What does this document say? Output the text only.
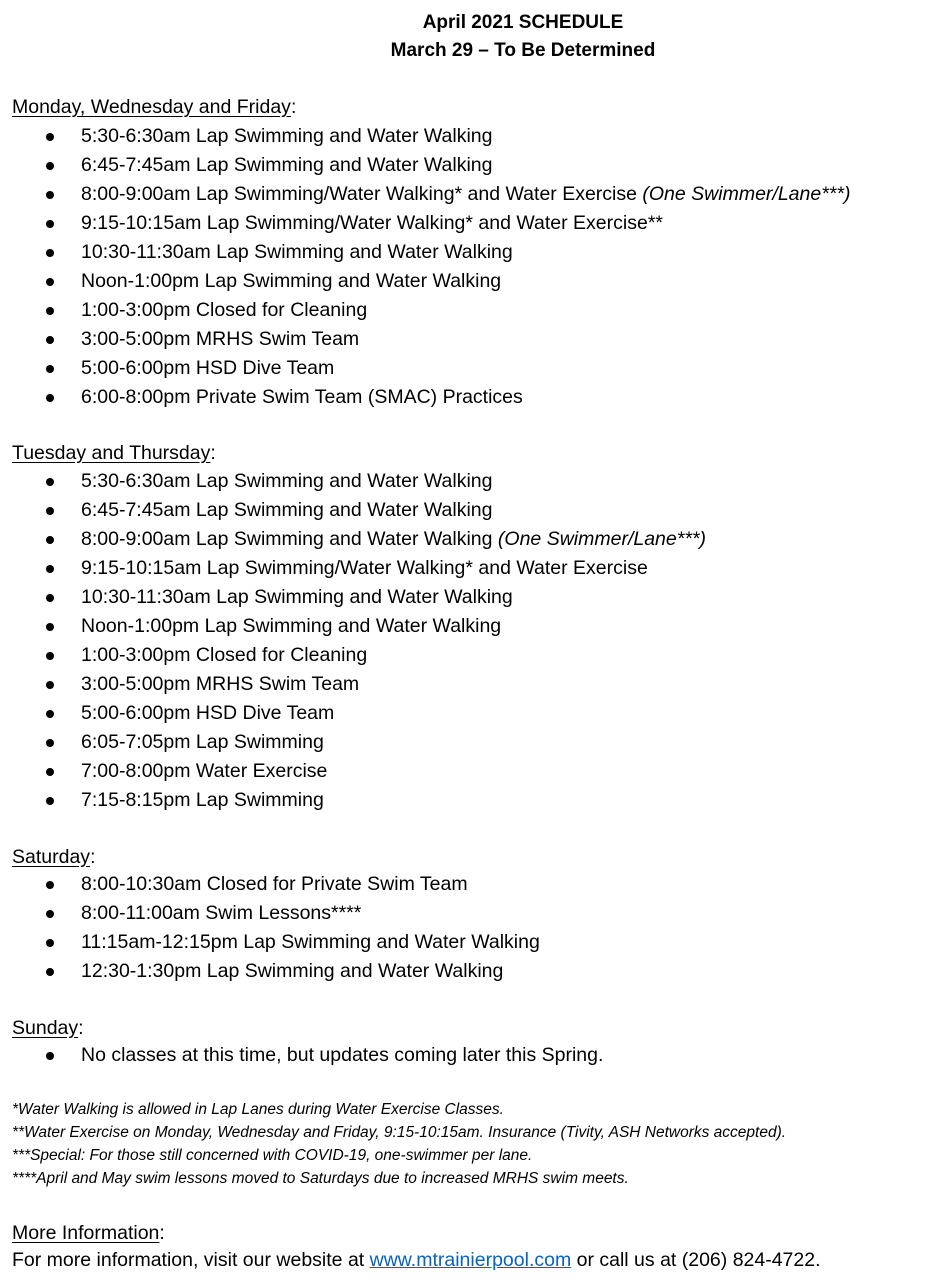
April 2021 SCHEDULE
March 29 – To Be Determined
Monday, Wednesday and Friday:
5:30-6:30am Lap Swimming and Water Walking
6:45-7:45am Lap Swimming and Water Walking
8:00-9:00am Lap Swimming/Water Walking* and Water Exercise (One Swimmer/Lane***)
9:15-10:15am Lap Swimming/Water Walking* and Water Exercise**
10:30-11:30am Lap Swimming and Water Walking
Noon-1:00pm Lap Swimming and Water Walking
1:00-3:00pm Closed for Cleaning
3:00-5:00pm MRHS Swim Team
5:00-6:00pm HSD Dive Team
6:00-8:00pm Private Swim Team (SMAC) Practices
Tuesday and Thursday:
5:30-6:30am Lap Swimming and Water Walking
6:45-7:45am Lap Swimming and Water Walking
8:00-9:00am Lap Swimming and Water Walking (One Swimmer/Lane***)
9:15-10:15am Lap Swimming/Water Walking* and Water Exercise
10:30-11:30am Lap Swimming and Water Walking
Noon-1:00pm Lap Swimming and Water Walking
1:00-3:00pm Closed for Cleaning
3:00-5:00pm MRHS Swim Team
5:00-6:00pm HSD Dive Team
6:05-7:05pm Lap Swimming
7:00-8:00pm Water Exercise
7:15-8:15pm Lap Swimming
Saturday:
8:00-10:30am Closed for Private Swim Team
8:00-11:00am Swim Lessons****
11:15am-12:15pm Lap Swimming and Water Walking
12:30-1:30pm Lap Swimming and Water Walking
Sunday:
No classes at this time, but updates coming later this Spring.
*Water Walking is allowed in Lap Lanes during Water Exercise Classes.
**Water Exercise on Monday, Wednesday and Friday, 9:15-10:15am. Insurance (Tivity, ASH Networks accepted).
***Special: For those still concerned with COVID-19, one-swimmer per lane.
****April and May swim lessons moved to Saturdays due to increased MRHS swim meets.
More Information:
For more information, visit our website at www.mtrainierpool.com or call us at (206) 824-4722.
